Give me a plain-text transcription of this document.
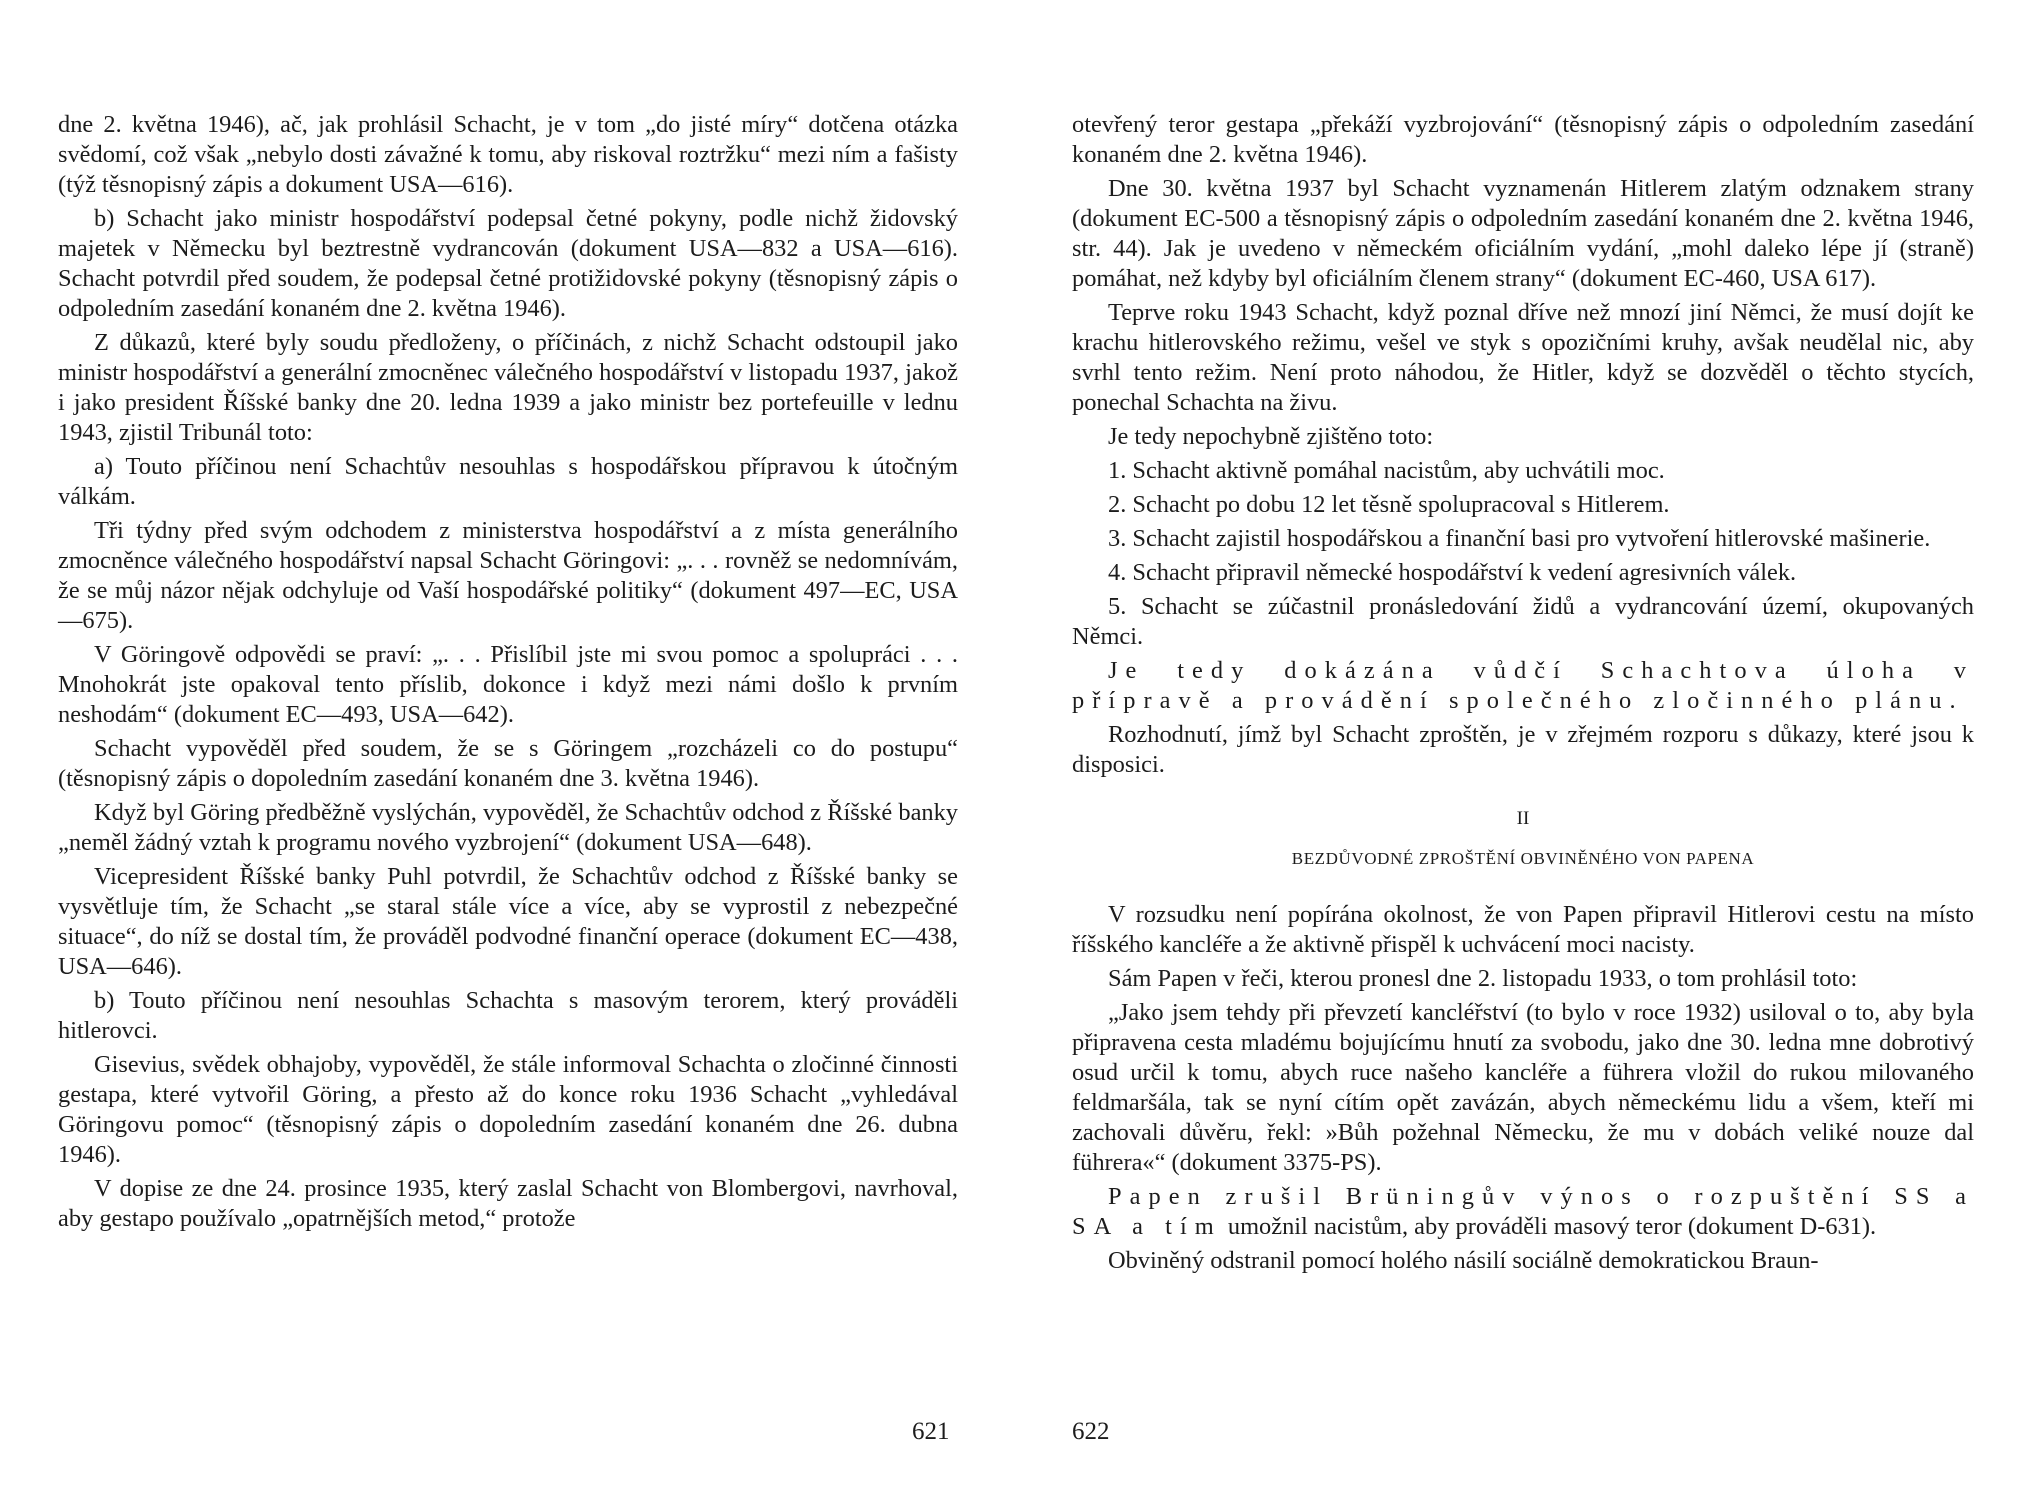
dne 2. května 1946), ač, jak prohlásil Schacht, je v tom „do jisté míry“ dotčena otázka svědomí, což však „nebylo dosti závažné k tomu, aby riskoval roztržku“ mezi ním a fašisty (týž těsnopisný zápis a dokument USA—616).

b) Schacht jako ministr hospodářství podepsal četné pokyny, podle nichž židovský majetek v Německu byl beztrestně vydrancován (dokument USA—832 a USA—616). Schacht potvrdil před soudem, že podepsal četné protižidovské pokyny (těsnopisný zápis o odpoledním zasedání konaném dne 2. května 1946).

Z důkazů, které byly soudu předloženy, o příčinách, z nichž Schacht odstoupil jako ministr hospodářství a generální zmocněnec válečného hospodářství v listopadu 1937, jakož i jako president Říšské banky dne 20. ledna 1939 a jako ministr bez portefeuille v lednu 1943, zjistil Tribunál toto:

a) Touto příčinou není Schachtův nesouhlas s hospodářskou přípravou k útočným válkám.

Tři týdny před svým odchodem z ministerstva hospodářství a z místa generálního zmocněnce válečného hospodářství napsal Schacht Göringovi: „. . . rovněž se nedomnívám, že se můj názor nějak odchyluje od Vaší hospodářské politiky“ (dokument 497—EC, USA—675).

V Göringově odpovědi se praví: „. . . Přislíbil jste mi svou pomoc a spolupráci . . . Mnohokrát jste opakoval tento příslib, dokonce i když mezi námi došlo k prvním neshodám“ (dokument EC—493, USA—642).

Schacht vypověděl před soudem, že se s Göringem „rozcházeli co do postupu“ (těsnopisný zápis o dopoledním zasedání konaném dne 3. května 1946).

Když byl Göring předběžně vyslýchán, vypověděl, že Schachtův odchod z Říšské banky „neměl žádný vztah k programu nového vyzbrojení“ (dokument USA—648).

Vicepresident Říšské banky Puhl potvrdil, že Schachtův odchod z Říšské banky se vysvětluje tím, že Schacht „se staral stále více a více, aby se vyprostil z nebezpečné situace“, do níž se dostal tím, že prováděl podvodné finanční operace (dokument EC—438, USA—646).

b) Touto příčinou není nesouhlas Schachta s masovým terorem, který prováděli hitlerovci.

Gisevius, svědek obhajoby, vypověděl, že stále informoval Schachta o zločinné činnosti gestapa, které vytvořil Göring, a přesto až do konce roku 1936 Schacht „vyhledával Göringovu pomoc“ (těsnopisný zápis o dopoledním zasedání konaném dne 26. dubna 1946).

V dopise ze dne 24. prosince 1935, který zaslal Schacht von Blombergovi, navrhoval, aby gestapo používalo „opatrnějších metod,“ protože

621

otevřený teror gestapa „překáží vyzbrojování“ (těsnopisný zápis o odpoledním zasedání konaném dne 2. května 1946).

Dne 30. května 1937 byl Schacht vyznamenán Hitlerem zlatým odznakem strany (dokument EC-500 a těsnopisný zápis o odpoledním zasedání konaném dne 2. května 1946, str. 44). Jak je uvedeno v německém oficiálním vydání, „mohl daleko lépe jí (straně) pomáhat, než kdyby byl oficiálním členem strany“ (dokument EC-460, USA 617).

Teprve roku 1943 Schacht, když poznal dříve než mnozí jiní Němci, že musí dojít ke krachu hitlerovského režimu, vešel ve styk s opozičními kruhy, avšak neudělal nic, aby svrhl tento režim. Není proto náhodou, že Hitler, když se dozvěděl o těchto stycích, ponechal Schachta na živu.

Je tedy nepochybně zjištěno toto:

1. Schacht aktivně pomáhal nacistům, aby uchvátili moc.

2. Schacht po dobu 12 let těsně spolupracoval s Hitlerem.

3. Schacht zajistil hospodářskou a finanční basi pro vytvoření hitlerovské mašinerie.

4. Schacht připravil německé hospodářství k vedení agresivních válek.

5. Schacht se zúčastnil pronásledování židů a vydrancování území, okupovaných Němci.

Je tedy dokázána vůdčí Schachtova úloha v přípravě a provádění společného zločinného plánu.

Rozhodnutí, jímž byl Schacht zproštěn, je v zřejmém rozporu s důkazy, které jsou k disposici.

II
BEZDŮVODNÉ ZPROŠTĚNÍ OBVINĚNÉHO VON PAPENA

V rozsudku není popírána okolnost, že von Papen připravil Hitlerovi cestu na místo říšského kancléře a že aktivně přispěl k uchvácení moci nacisty.

Sám Papen v řeči, kterou pronesl dne 2. listopadu 1933, o tom prohlásil toto:

„Jako jsem tehdy při převzetí kancléřství (to bylo v roce 1932) usiloval o to, aby byla připravena cesta mladému bojujícímu hnutí za svobodu, jako dne 30. ledna mne dobrotivý osud určil k tomu, abych ruce našeho kancléře a führera vložil do rukou milovaného feldmaršála, tak se nyní cítím opět zavázán, abych německému lidu a všem, kteří mi zachovali důvěru, řekl: »Bůh požehnal Německu, že mu v dobách veliké nouze dal führera«“ (dokument 3375-PS).

Papen zrušil Brüningův výnos o rozpuštění SS a SA a tím umožnil nacistům, aby prováděli masový teror (dokument D-631).

Obviněný odstranil pomocí holého násilí sociálně demokratickou Braun-

622
